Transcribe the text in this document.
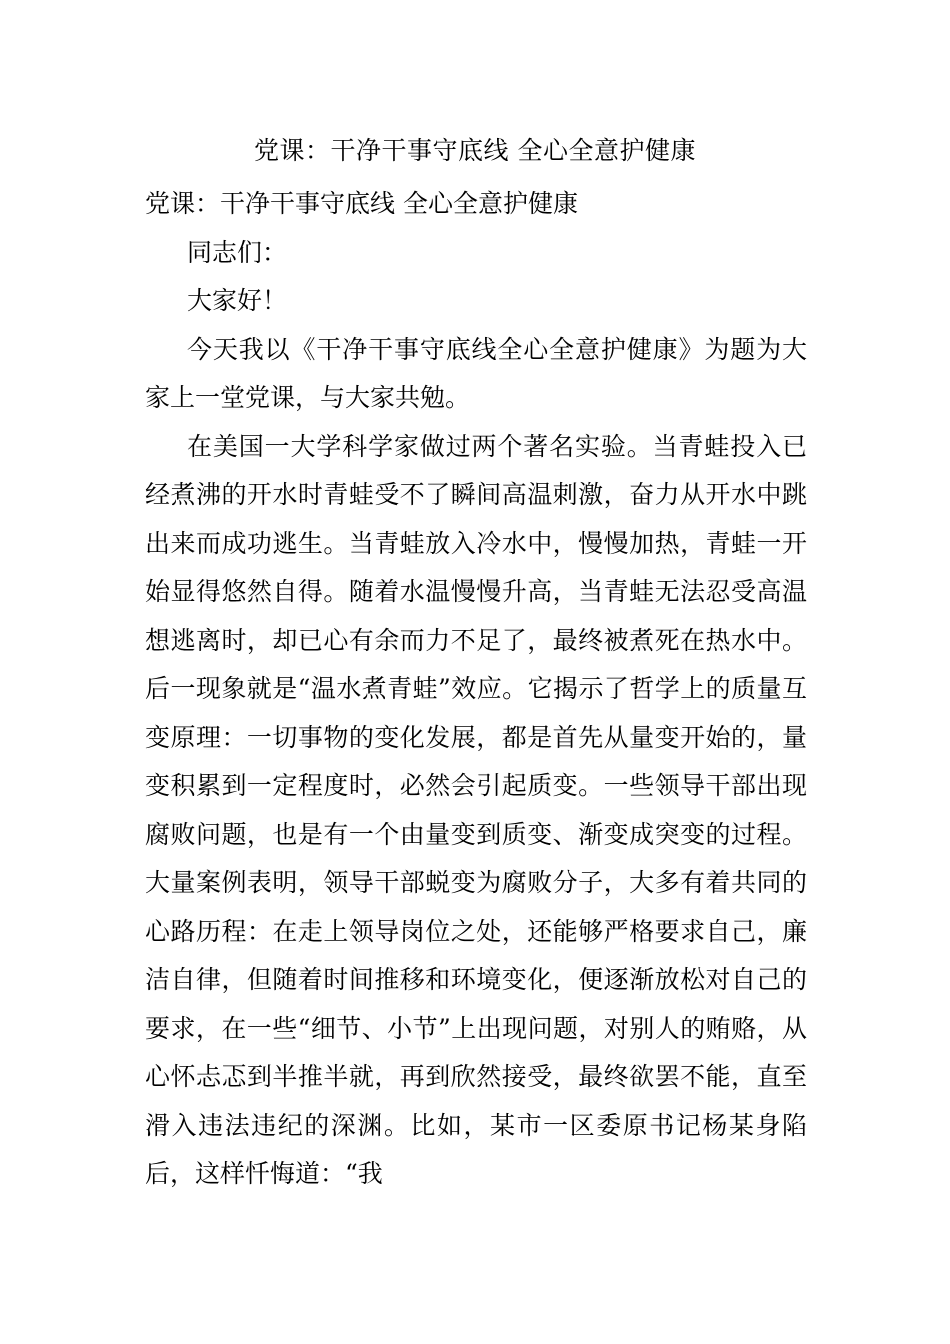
党课：干净干事守底线 全心全意护健康

党课：干净干事守底线 全心全意护健康

同志们：

大家好！

今天我以《干净干事守底线全心全意护健康》为题为大家上一堂党课，与大家共勉。

在美国一大学科学家做过两个著名实验。当青蛙投入已经煮沸的开水时青蛙受不了瞬间高温刺激，奋力从开水中跳出来而成功逃生。当青蛙放入冷水中，慢慢加热，青蛙一开始显得悠然自得。随着水温慢慢升高，当青蛙无法忍受高温想逃离时，却已心有余而力不足了，最终被煮死在热水中。后一现象就是“温水煮青蛙”效应。它揭示了哲学上的质量互变原理：一切事物的变化发展，都是首先从量变开始的，量变积累到一定程度时，必然会引起质变。一些领导干部出现腐败问题，也是有一个由量变到质变、渐变成突变的过程。大量案例表明，领导干部蜕变为腐败分子，大多有着共同的心路历程：在走上领导岗位之处，还能够严格要求自己，廉洁自律，但随着时间推移和环境变化，便逐渐放松对自己的要求，在一些“细节、小节”上出现问题，对别人的贿赂，从心怀忐忑到半推半就，再到欣然接受，最终欲罢不能，直至滑入违法违纪的深渊。比如，某市一区委原书记杨某身陷后，这样忏悔道：“我
